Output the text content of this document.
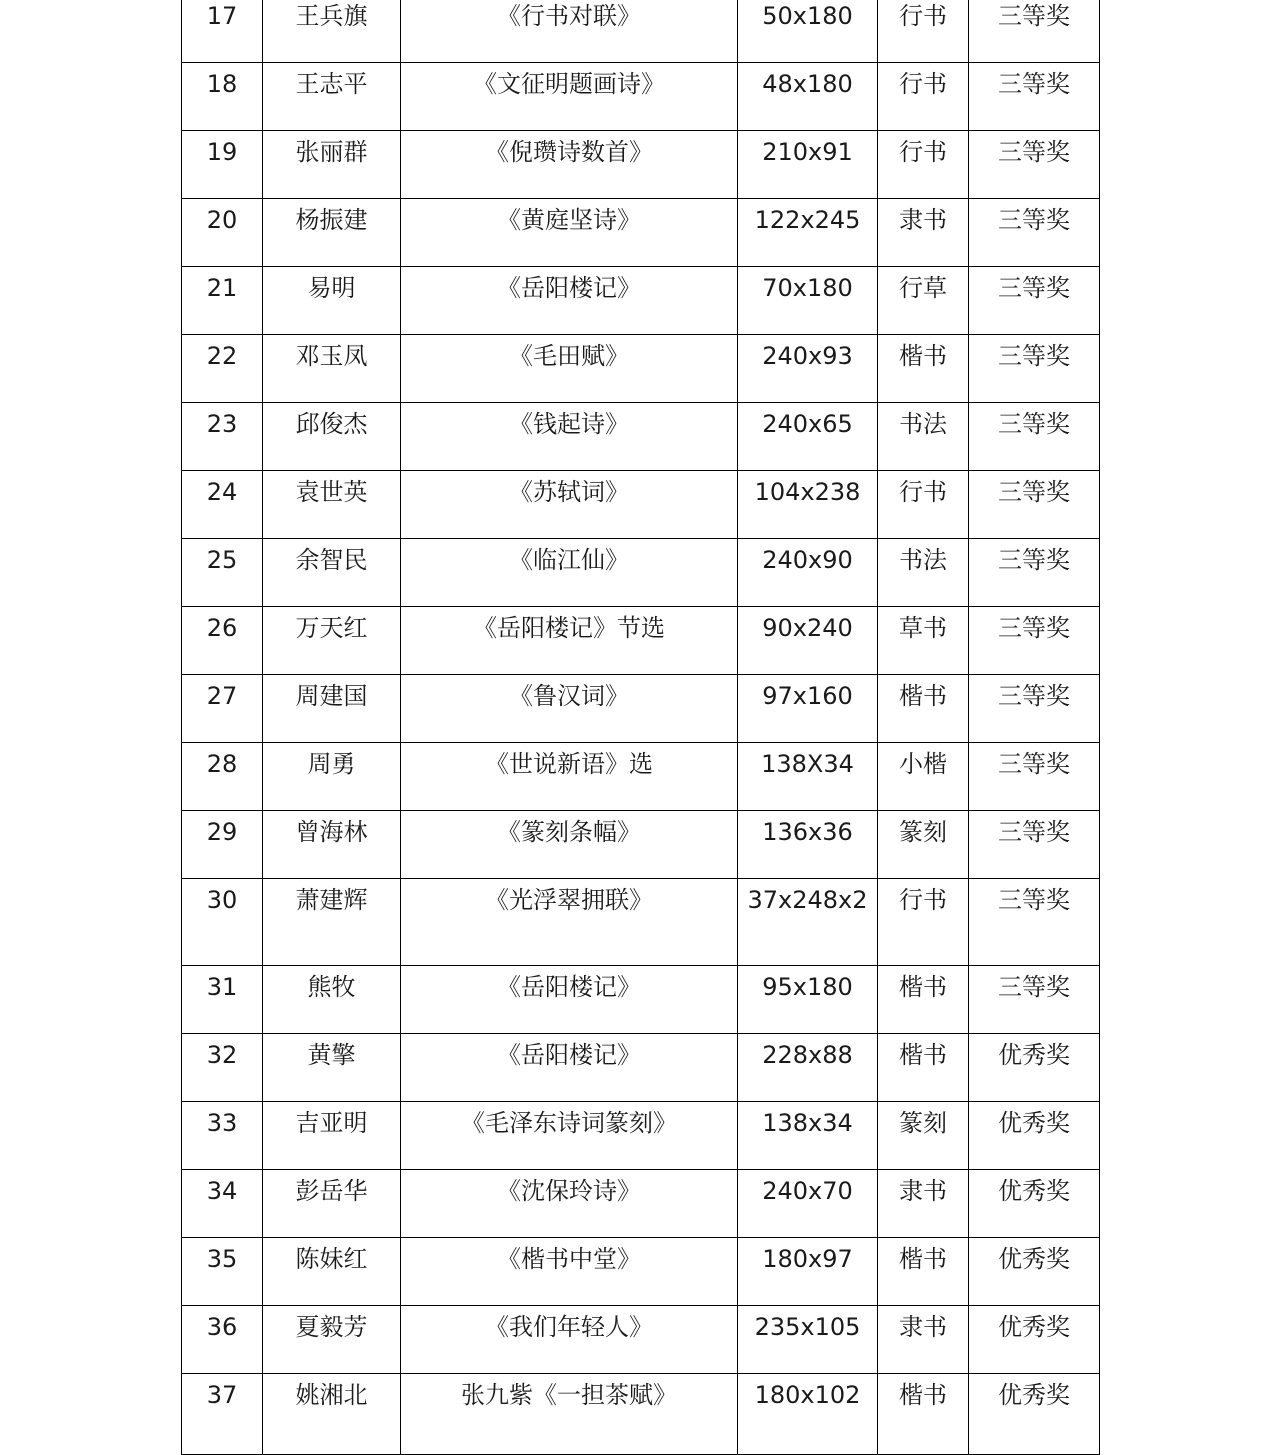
17	王兵旗	《行书对联》	50x180	行书	三等奖
18	王志平	《文征明题画诗》	48x180	行书	三等奖
19	张丽群	《倪瓒诗数首》	210x91	行书	三等奖
20	杨振建	《黄庭坚诗》	122x245	隶书	三等奖
21	易明	《岳阳楼记》	70x180	行草	三等奖
22	邓玉凤	《毛田赋》	240x93	楷书	三等奖
23	邱俊杰	《钱起诗》	240x65	书法	三等奖
24	袁世英	《苏轼词》	104x238	行书	三等奖
25	余智民	《临江仙》	240x90	书法	三等奖
26	万天红	《岳阳楼记》节选	90x240	草书	三等奖
27	周建国	《鲁汉词》	97x160	楷书	三等奖
28	周勇	《世说新语》选	138X34	小楷	三等奖
29	曾海林	《篆刻条幅》	136x36	篆刻	三等奖
30	萧建辉	《光浮翠拥联》	37x248x2	行书	三等奖
31	熊牧	《岳阳楼记》	95x180	楷书	三等奖
32	黄擎	《岳阳楼记》	228x88	楷书	优秀奖
33	吉亚明	《毛泽东诗词篆刻》	138x34	篆刻	优秀奖
34	彭岳华	《沈保玲诗》	240x70	隶书	优秀奖
35	陈妹红	《楷书中堂》	180x97	楷书	优秀奖
36	夏毅芳	《我们年轻人》	235x105	隶书	优秀奖
37	姚湘北	张九紫《一担茶赋》	180x102	楷书	优秀奖
